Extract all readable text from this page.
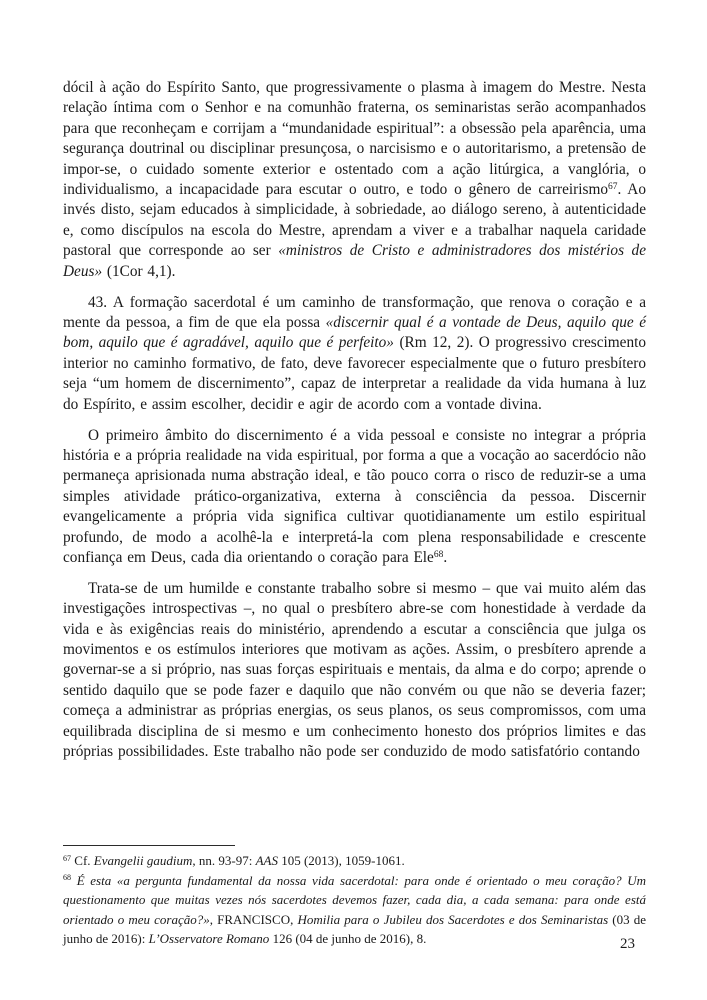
dócil à ação do Espírito Santo, que progressivamente o plasma à imagem do Mestre. Nesta relação íntima com o Senhor e na comunhão fraterna, os seminaristas serão acompanhados para que reconheçam e corrijam a “mundanidade espiritual”: a obsessão pela aparência, uma segurança doutrinal ou disciplinar presunçosa, o narcisismo e o autoritarismo, a pretensão de impor-se, o cuidado somente exterior e ostentado com a ação litúrgica, a vanglória, o individualismo, a incapacidade para escutar o outro, e todo o gênero de carreirismo$^{67}$. Ao invés disto, sejam educados à simplicidade, à sobriedade, ao diálogo sereno, à autenticidade e, como discípulos na escola do Mestre, aprendam a viver e a trabalhar naquela caridade pastoral que corresponde ao ser «ministros de Cristo e administradores dos mistérios de Deus» (1Cor 4,1).

43. A formação sacerdotal é um caminho de transformação, que renova o coração e a mente da pessoa, a fim de que ela possa «discernir qual é a vontade de Deus, aquilo que é bom, aquilo que é agradável, aquilo que é perfeito» (Rm 12, 2). O progressivo crescimento interior no caminho formativo, de fato, deve favorecer especialmente que o futuro presbítero seja “um homem de discernimento”, capaz de interpretar a realidade da vida humana à luz do Espírito, e assim escolher, decidir e agir de acordo com a vontade divina.

O primeiro âmbito do discernimento é a vida pessoal e consiste no integrar a própria história e a própria realidade na vida espiritual, por forma a que a vocação ao sacerdócio não permaneça aprisionada numa abstração ideal, e tão pouco corra o risco de reduzir-se a uma simples atividade prático-organizativa, externa à consciência da pessoa. Discernir evangelicamente a própria vida significa cultivar quotidianamente um estilo espiritual profundo, de modo a acolhê-la e interpretá-la com plena responsabilidade e crescente confiança em Deus, cada dia orientando o coração para Ele$^{68}$.

Trata-se de um humilde e constante trabalho sobre si mesmo – que vai muito além das investigações introspectivas –, no qual o presbítero abre-se com honestidade à verdade da vida e às exigências reais do ministério, aprendendo a escutar a consciência que julga os movimentos e os estímulos interiores que motivam as ações. Assim, o presbítero aprende a governar-se a si próprio, nas suas forças espirituais e mentais, da alma e do corpo; aprende o sentido daquilo que se pode fazer e daquilo que não convém ou que não se deveria fazer; começa a administrar as próprias energias, os seus planos, os seus compromissos, com uma equilibrada disciplina de si mesmo e um conhecimento honesto dos próprios limites e das próprias possibilidades. Este trabalho não pode ser conduzido de modo satisfatório contando

$^{67}$ Cf. Evangelii gaudium, nn. 93-97: AAS 105 (2013), 1059-1061.

$^{68}$ É esta «a pergunta fundamental da nossa vida sacerdotal: para onde é orientado o meu coração? Um questionamento que muitas vezes nós sacerdotes devemos fazer, cada dia, a cada semana: para onde está orientado o meu coração?», FRANCISCO, Homilia para o Jubileu dos Sacerdotes e dos Seminaristas (03 de junho de 2016): L’Osservatore Romano 126 (04 de junho de 2016), 8.	23
